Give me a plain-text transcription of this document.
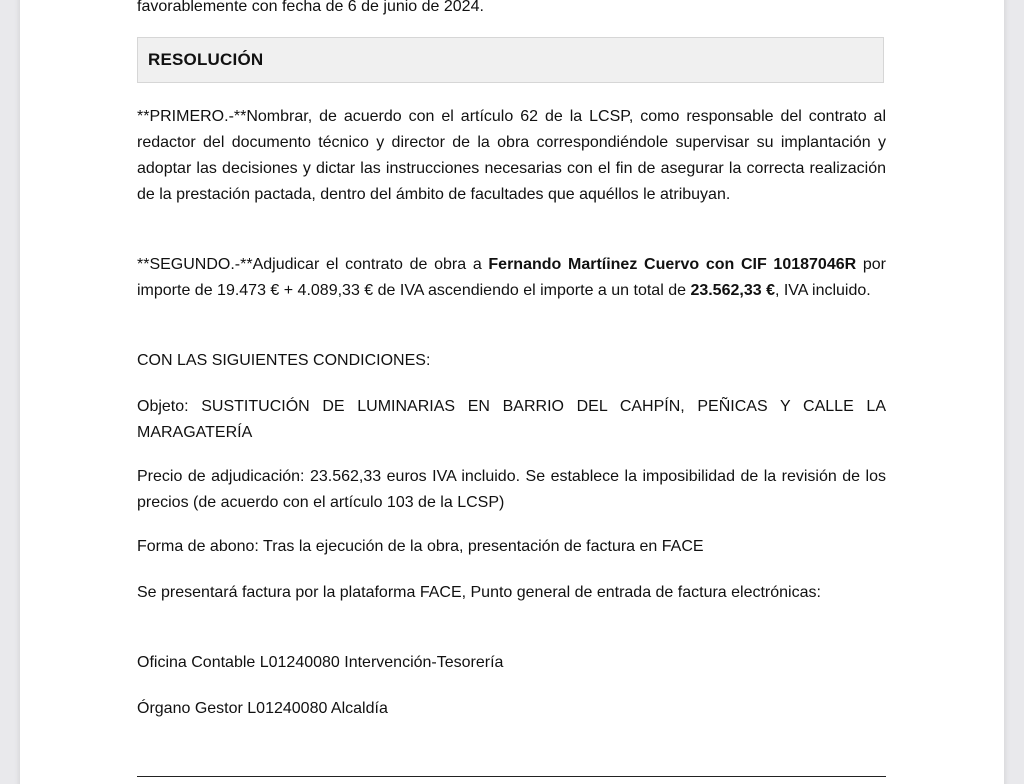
favorablemente con fecha de 6 de junio de 2024.
RESOLUCIÓN

**PRIMERO.-**Nombrar, de acuerdo con el artículo 62 de la LCSP, como responsable del contrato al redactor del documento técnico y director de la obra correspondiéndole supervisar su implantación y adoptar las decisiones y dictar las instrucciones necesarias con el fin de asegurar la correcta realización de la prestación pactada, dentro del ámbito de facultades que aquéllos le atribuyan.

**SEGUNDO.-**Adjudicar el contrato de obra a Fernando Martíinez Cuervo con CIF 10187046R por importe de 19.473 € + 4.089,33 € de IVA ascendiendo el importe a un total de 23.562,33 €, IVA incluido.

CON LAS SIGUIENTES CONDICIONES:

Objeto: SUSTITUCIÓN DE LUMINARIAS EN BARRIO DEL CAHPÍN, PEÑICAS Y CALLE LA MARAGATERÍA

Precio de adjudicación: 23.562,33 euros IVA incluido. Se establece la imposibilidad de la revisión de los precios (de acuerdo con el artículo 103 de la LCSP)

Forma de abono: Tras la ejecución de la obra, presentación de factura en FACE

Se presentará factura por la plataforma FACE, Punto general de entrada de factura electrónicas:

Oficina Contable L01240080 Intervención-Tesorería

Órgano Gestor L01240080 Alcaldía
